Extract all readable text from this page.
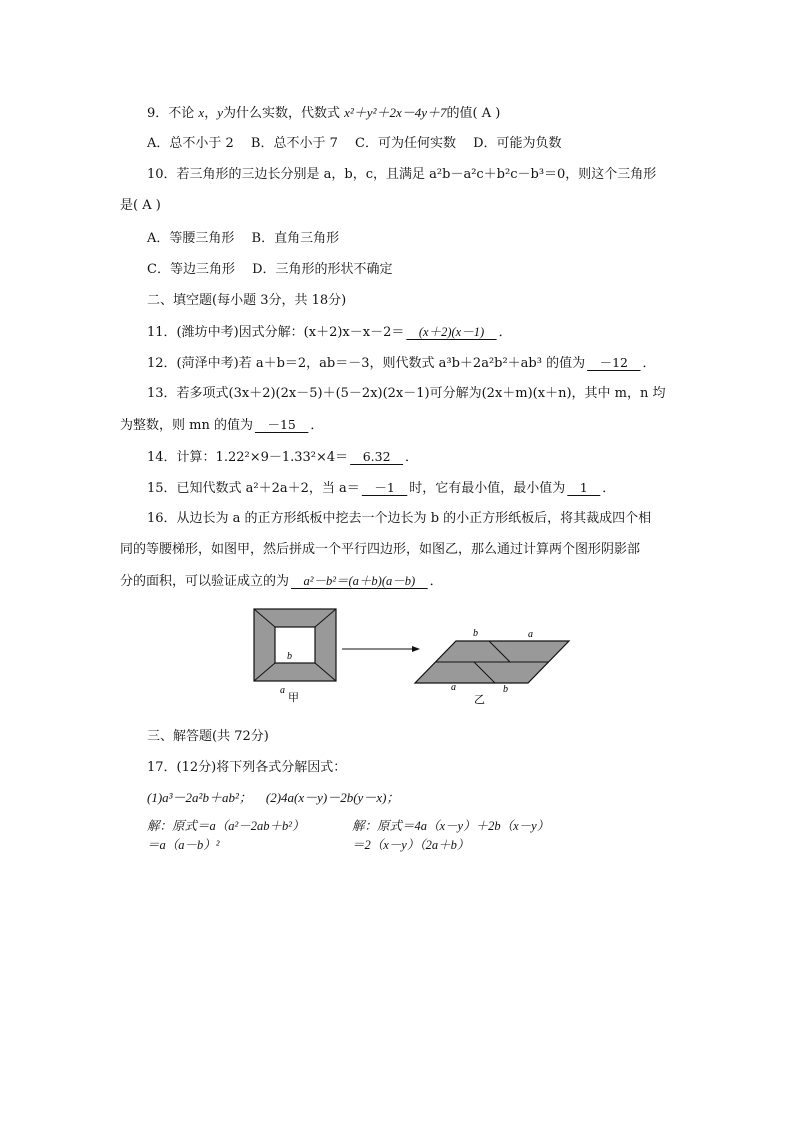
9．不论 x，y为什么实数，代数式 x²＋y²＋2x－4y＋7的值( A )
A．总不小于 2　 B．总不小于 7　 C．可为任何实数　 D．可能为负数
10．若三角形的三边长分别是 a，b，c，且满足 a²b－a²c＋b²c－b³＝0，则这个三角形
是( A )
A．等腰三角形　 B．直角三角形
C．等边三角形　 D．三角形的形状不确定
二、填空题(每小题 3分，共 18分)
11．(潍坊中考)因式分解：(x＋2)x－x－2＝　(x＋2)(x－1)　．
12．(菏泽中考)若 a＋b＝2，ab＝－3，则代数式 a³b＋2a²b²＋ab³ 的值为　－12　．
13．若多项式(3x＋2)(2x－5)＋(5－2x)(2x－1)可分解为(2x＋m)(x＋n)，其中 m，n 均
为整数，则 mn 的值为　－15　．
14．计算：1.22²×9－1.33²×4＝　6.32　．
15．已知代数式 a²＋2a＋2，当 a＝　－1　时，它有最小值，最小值为　1　．
16．从边长为 a 的正方形纸板中挖去一个边长为 b 的小正方形纸板后，将其裁成四个相
同的等腰梯形，如图甲，然后拼成一个平行四边形，如图乙，那么通过计算两个图形阴影部
分的面积，可以验证成立的为　a²－b²＝(a＋b)(a－b)　．
b
a
甲
b	a
a	b
乙
三、解答题(共 72分)
17．(12分)将下列各式分解因式：
(1)a³－2a²b＋ab²； (2)4a(x－y)－2b(y－x)；
解：原式＝a（a²－2ab＋b²）
＝a（a－b）²
解：原式＝4a（x－y）＋2b（x－y）
＝2（x－y）（2a＋b）
